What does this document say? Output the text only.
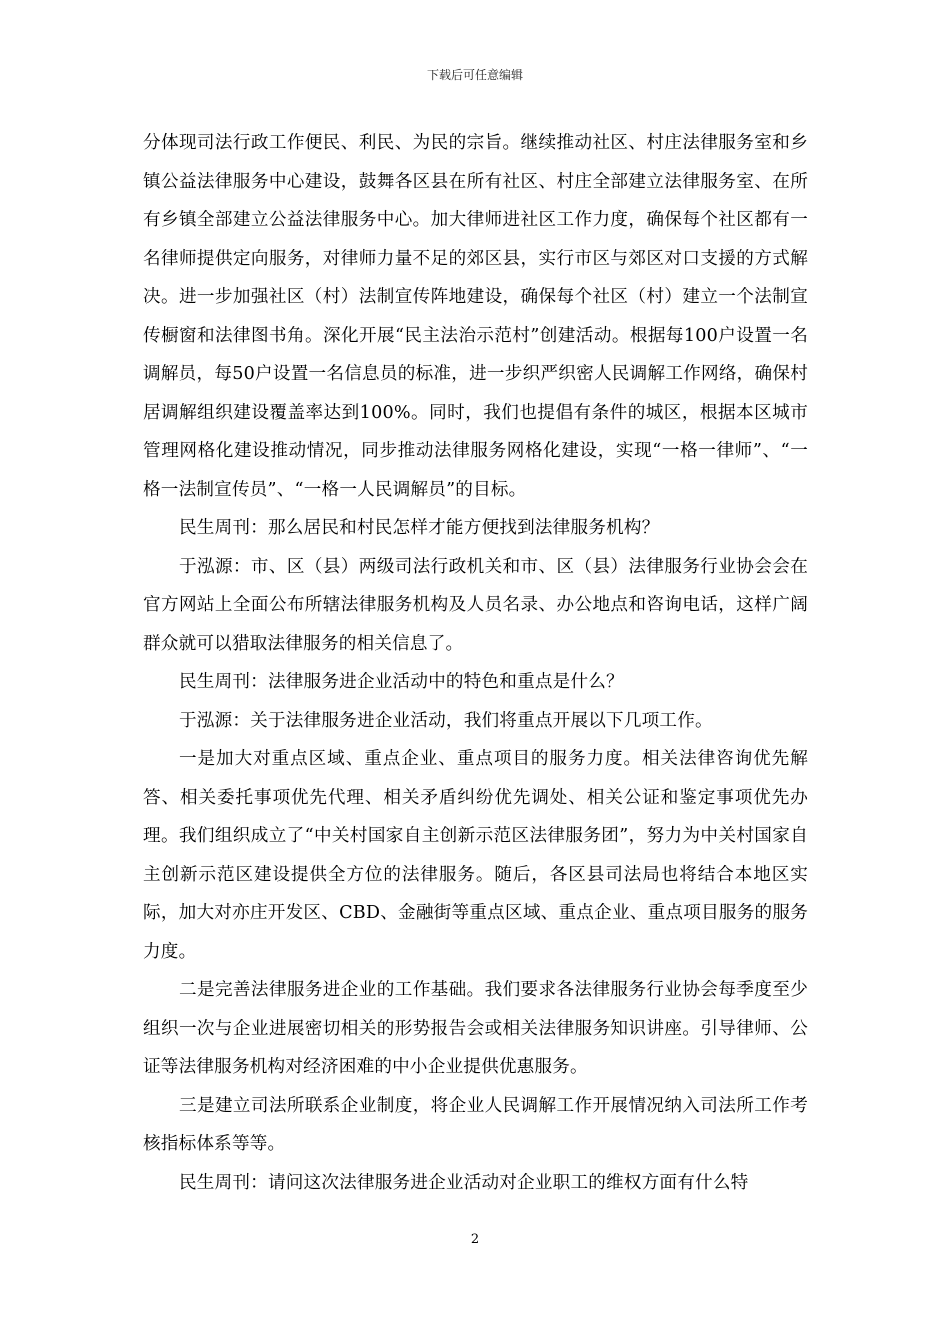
下载后可任意编辑

分体现司法行政工作便民、利民、为民的宗旨。继续推动社区、村庄法律服务室和乡镇公益法律服务中心建设，鼓舞各区县在所有社区、村庄全部建立法律服务室、在所有乡镇全部建立公益法律服务中心。加大律师进社区工作力度，确保每个社区都有一名律师提供定向服务，对律师力量不足的郊区县，实行市区与郊区对口支援的方式解决。进一步加强社区（村）法制宣传阵地建设，确保每个社区（村）建立一个法制宣传橱窗和法律图书角。深化开展“民主法治示范村”创建活动。根据每100户设置一名调解员，每50户设置一名信息员的标准，进一步织严织密人民调解工作网络，确保村居调解组织建设覆盖率达到100%。同时，我们也提倡有条件的城区，根据本区城市管理网格化建设推动情况，同步推动法律服务网格化建设，实现“一格一律师”、“一格一法制宣传员”、“一格一人民调解员”的目标。

民生周刊：那么居民和村民怎样才能方便找到法律服务机构？

于泓源：市、区（县）两级司法行政机关和市、区（县）法律服务行业协会会在官方网站上全面公布所辖法律服务机构及人员名录、办公地点和咨询电话，这样广阔群众就可以猎取法律服务的相关信息了。

民生周刊：法律服务进企业活动中的特色和重点是什么？

于泓源：关于法律服务进企业活动，我们将重点开展以下几项工作。

一是加大对重点区域、重点企业、重点项目的服务力度。相关法律咨询优先解答、相关委托事项优先代理、相关矛盾纠纷优先调处、相关公证和鉴定事项优先办理。我们组织成立了“中关村国家自主创新示范区法律服务团”，努力为中关村国家自主创新示范区建设提供全方位的法律服务。随后，各区县司法局也将结合本地区实际，加大对亦庄开发区、CBD、金融街等重点区域、重点企业、重点项目服务的服务力度。

二是完善法律服务进企业的工作基础。我们要求各法律服务行业协会每季度至少组织一次与企业进展密切相关的形势报告会或相关法律服务知识讲座。引导律师、公证等法律服务机构对经济困难的中小企业提供优惠服务。

三是建立司法所联系企业制度，将企业人民调解工作开展情况纳入司法所工作考核指标体系等等。

民生周刊：请问这次法律服务进企业活动对企业职工的维权方面有什么特

2
